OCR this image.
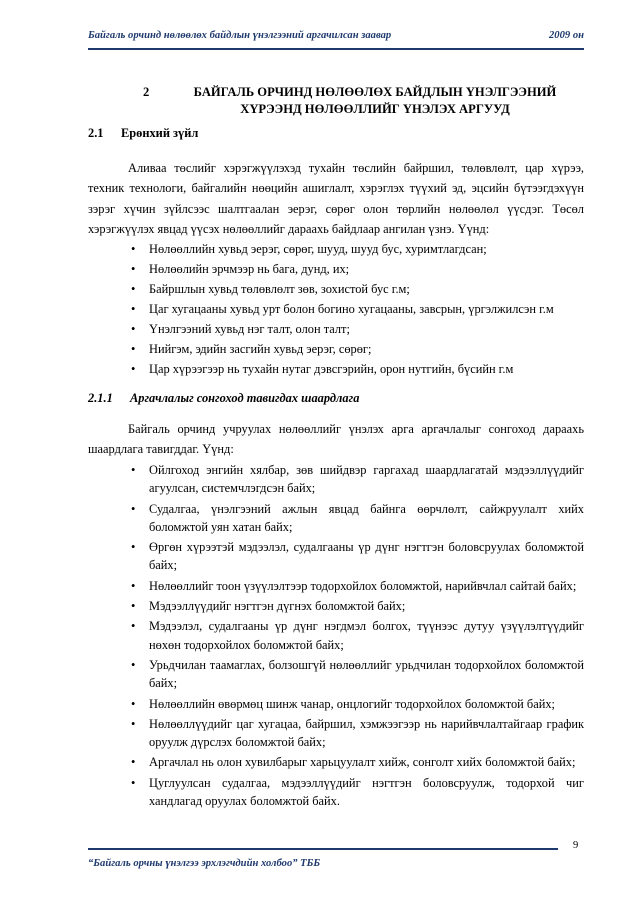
Байгаль орчинд нөлөөлөх байдлын үнэлгээний аргачилсан заавар	2009 он
2	БАЙГАЛЬ ОРЧИНД НӨЛӨӨЛӨХ БАЙДЛЫН ҮНЭЛГЭЭНИЙ
ХҮРЭЭНД НӨЛӨӨЛЛИЙГ ҮНЭЛЭХ АРГУУД
2.1 Ерөнхий зүйл

Аливаа төслийг хэрэгжүүлэхэд тухайн төслийн байршил, төлөвлөлт, цар хүрээ, техник технологи, байгалийн нөөцийн ашиглалт, хэрэглэх түүхий эд, эцсийн бүтээгдэхүүн зэрэг хүчин зүйлсээс шалтгаалан эерэг, сөрөг олон төрлийн нөлөөлөл үүсдэг. Төсөл хэрэгжүүлэх явцад үүсэх нөлөөллийг дараахь байдлаар ангилан үзнэ. Үүнд:

• Нөлөөллийн хувьд эерэг, сөрөг, шууд, шууд бус, хуримтлагдсан;
• Нөлөөлийн эрчмээр нь бага, дунд, их;
• Байршлын хувьд төлөвлөлт зөв, зохистой бус г.м;
• Цаг хугацааны хувьд урт болон богино хугацааны, завсрын, үргэлжилсэн г.м
• Үнэлгээний хувьд нэг талт, олон талт;
• Нийгэм, эдийн засгийн хувьд эерэг, сөрөг;
• Цар хүрээгээр нь тухайн нутаг дэвсгэрийн, орон нутгийн, бүсийн г.м
2.1.1 Аргачлалыг сонгоход тавигдах шаардлага

Байгаль орчинд учруулах нөлөөллийг үнэлэх арга аргачлалыг сонгоход дараахь шаардлага тавигддаг. Үүнд:

• Ойлгоход энгийн хялбар, зөв шийдвэр гаргахад шаардлагатай мэдээллүүдийг агуулсан, системчлэгдсэн байх;
• Судалгаа, үнэлгээний ажлын явцад байнга өөрчлөлт, сайжруулалт хийх боломжтой уян хатан байх;
• Өргөн хүрээтэй мэдээлэл, судалгааны үр дүнг нэгтгэн боловсруулах боломжтой байх;
• Нөлөөллийг тоон үзүүлэлтээр тодорхойлох боломжтой, нарийвчлал сайтай байх;
• Мэдээллүүдийг нэгтгэн дүгнэх боломжтой байх;
• Мэдээлэл, судалгааны үр дүнг нэгдмэл болгох, түүнээс дутуу үзүүлэлтүүдийг нөхөн тодорхойлох боломжтой байх;
• Урьдчилан таамаглах, болзошгүй нөлөөллийг урьдчилан тодорхойлох боломжтой байх;
• Нөлөөллийн өвөрмөц шинж чанар, онцлогийг тодорхойлох боломжтой байх;
• Нөлөөллүүдийг цаг хугацаа, байршил, хэмжээгээр нь нарийвчлалтайгаар график оруулж дүрслэх боломжтой байх;
• Аргачлал нь олон хувилбарыг харьцуулалт хийж, сонголт хийх боломжтой байх;
• Цуглуулсан судалгаа, мэдээллүүдийг нэгтгэн боловсруулж, тодорхой чиг хандлагад оруулах боломжтой байх.
9
“Байгаль орчны үнэлгээ эрхлэгчдийн холбоо” ТББ
